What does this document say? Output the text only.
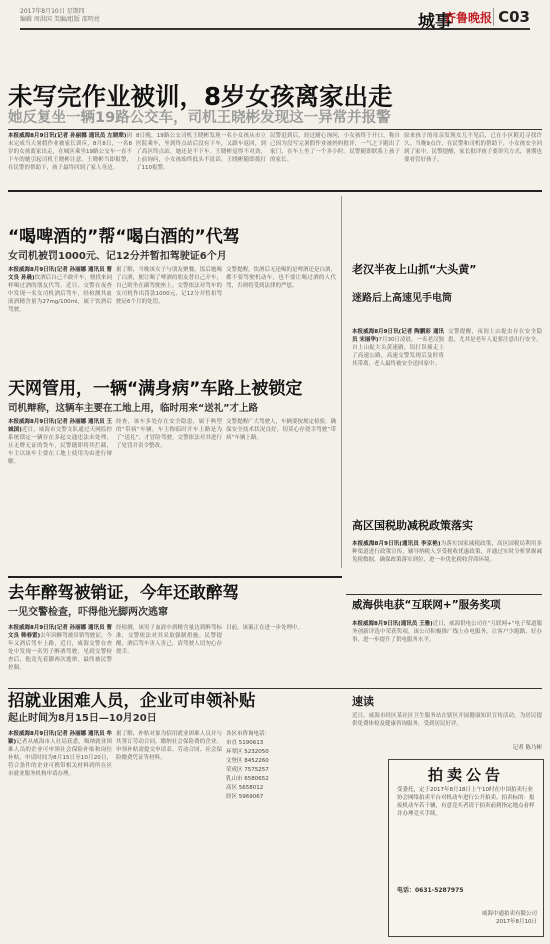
2017年8月10日 星期四
编辑 周洪国 美编/组版 邵明亮	城事
齐鲁晚报 C03
未写完作业被训，8岁女孩离家出走
她反复坐一辆19路公交车，司机王晓彬发现这一异常并报警
本报威海8月9日讯(记者 孙丽娜 通讯员 左晓翠)因未完成当天暑假作业被家长训斥，8月8日，一名8岁的女孩离家出走，在城区乘坐19路公交车一直不下车的她引起司机王晓彬注意。王晓彬当即报警，在民警的帮助下，孩子最终回到了家人身边。
8日晚，19路公交司机王晓彬发现一名小女孩从市立医院乘车，坐到终点站后没有下车，又跟车返回，到了高区终点站，她还是不下车。王晓彬觉得不对劲，上前询问，小女孩始终低头不说话。王晓彬随即拨打了110报警。
民警赶到后，经过耐心询问，小女孩终于开口，称自己因为没写完暑假作业被妈妈批评，一气之下跑出了家门，在车上坐了一个多小时。民警随即联系上孩子的家长。
原来孩子的母亲发现女儿不见后，已在小区附近寻找许久。当晚9点许，在民警和司机的帮助下，小女孩安全回到了家中。民警提醒，家长批评孩子要讲究方式，暑期也要看管好孩子。
“喝啤酒的”帮“喝白酒的”代驾
女司机被罚1000元、记12分并暂扣驾驶证6个月
本报威海8月9日讯(记者 孙丽娜 通讯员 曹文良 孙晨)饮酒后自己不敢开车，便找来同样喝过酒的朋友代驾。近日，交警在夜查中发现一名女司机酒后驾车，经检测其血液酒精含量为27mg/100ml，属于饮酒后驾驶。
据了解，当晚该女子与朋友聚餐，饭后她喝了白酒，便让喝了啤酒的朋友替自己开车，自己则坐在副驾驶座上。交警依法对驾车的女司机作出罚款1000元、记12分并暂扣驾驶证6个月的处罚。
交警提醒，饮酒后无论喝的是啤酒还是白酒，都不要驾驶机动车，也不要让喝过酒的人代驾，否则将受到法律的严惩。
天网管用，一辆“满身病”车路上被锁定
司机辩称，这辆车主要在工地上用，临时用来“送礼”才上路
本报威海8月9日讯(记者 孙丽娜 通讯员 王城国)近日，威海市交警支队通过天网监控系统锁定一辆存在多起交通违法未处理、且无牌无证的货车，民警随即将其拦截，车主以该车主要在工地上使用为由进行辩解。
经查，该车多处存在安全隐患，属于典型的“带病”车辆。车主称临时开车上路是为了“送礼”，才冒险驾驶。交警依法对其进行了处罚并责令整改。
交警提醒广大驾驶人，车辆要按规定检验，确保安全技术状况良好，切莫心存侥幸驾驶“带病”车辆上路。
老汉半夜上山抓“大头黄”
迷路后上高速见手电筒
本报威海8月9日讯(记者 陶鹏彩 通讯员 宋丽华)7月30日凌晨，一名老汉独自上山捉大头黄迷路，误打误撞走上了高速公路，高速交警发现后及时将其带离，老人最终被安全送回家中。
交警提醒，夜间上山捉虫存在安全隐患，尤其是老年人更要注意出行安全。
高区国税助减税政策落实
本报威海8月9日讯(通讯员 李京艳)为落实国家减税政策，高区国税局利用多种渠道进行政策宣传，辅导纳税人享受税收优惠政策，并通过实时分析掌握减免税数据，确保政策落实到位，进一步优化税收营商环境。
威海供电获“互联网+”服务奖项
本报威海8月9日讯(通讯员 王雅)近日，威海供电公司在“互联网+”电子渠道服务创新评选中荣获奖项。该公司积极推广线上办电服务，让客户少跑路、好办事，进一步提升了供电服务水平。
去年醉驾被销证，今年还敢醉驾
一见交警检查，吓得他光脚两次逃窜
本报威海8月9日讯(记者 孙丽娜 通讯员 曹文良 韩春雷)去年因醉驾被吊销驾驶证，今年又酒后驾车上路，近日，威海交警在查处中发现一名男子醉酒驾驶，见到交警检查后，他竟光着脚两次逃窜，最终被民警控制。
经检测，该男子血液中酒精含量达到醉驾标准，交警依法对其采取强制措施。民警提醒，酒后驾车害人害己，请驾驶人切勿心存侥幸。
目前，该案正在进一步处理中。
速读
近日，威海市经区某社区卫生服务站在辖区开展健康知识宣传活动，为居民提供免费体检及健康咨询服务，受到居民好评。
记者 陈乃彬
招就业困难人员，企业可申领补贴
起止时间为8月15日—10月20日
本报威海8月9日讯(记者 孙丽娜 通讯员 牟颖)记者从威海市人社局获悉，吸纳就业困难人员的企业可申领社会保险补贴和岗位补贴，申请时间为8月15日至10月20日，符合条件的企业可携带相关材料到所在区市就业服务机构申请办理。
据了解，补贴对象为招用就业困难人员并与其签订劳动合同、缴纳社会保险费的企业。申领补贴需提交申请表、劳动合同、社会保险缴费凭证等材料。
各区市咨询电话：
市直 5190613
环翠区 5232050
文登区 8452260
荣成区 7575257
乳山市 6580652
高区 5658012
经区 5969067
拍卖公告
受委托，定于2017年8月18日上午10时在中国拍卖行业协会网络拍卖平台对机动车进行公开拍卖。拍卖标的：报废机动车若干辆，有意竞买者请于拍卖前到指定地点看样并办理竞买手续。
电话：0631-5287975
威海中通拍卖有限公司
2017年8月10日
